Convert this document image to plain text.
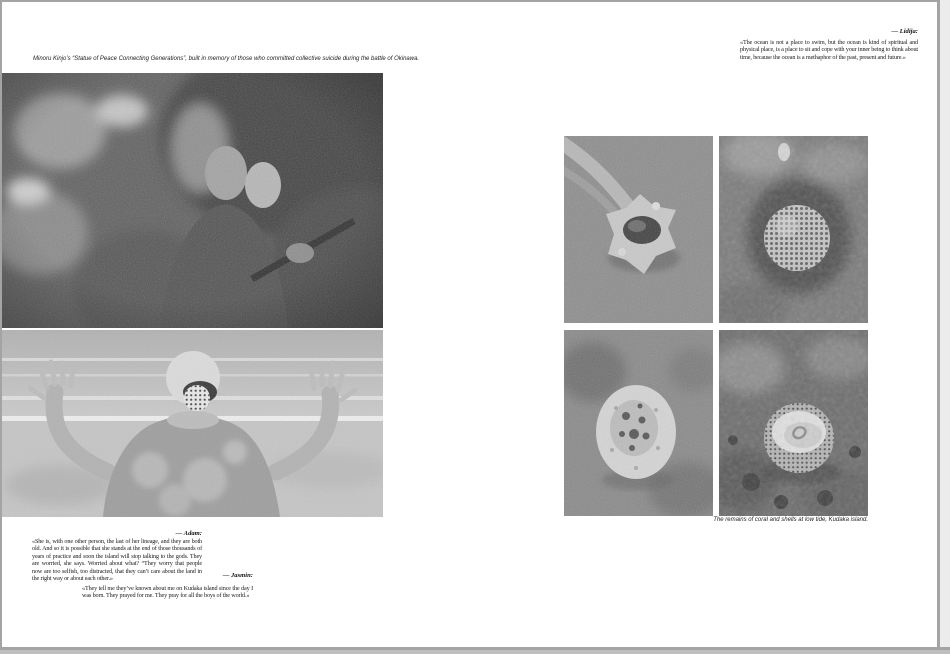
Minoru Kinjo’s “Statue of Peace Connecting Generations”, built in memory of those who committed collective suicide during the battle of Okinawa.
— Adam:
«She is, with one other person, the last of her lineage, and they are both old. And so it is possible that she stands at the end of those thousands of years of practice and soon the island will stop talking to the gods. They are worried, she says. Worried about what? “They worry that people now are too selfish, too distracted, that they can’t care about the land in the right way or about each other.»	— Jasmin:
«They tell me they’ve known about me on Kudaka island since the day I was born. They prayed for me. They pray for all the boys of the world.»
— Lidija:
«The ocean is not a place to swim, but the ocean is kind of spiritual and physical place, is a place to sit and cope with your inner being to think about time, because the ocean is a methaphor of the past, present and future.»
The remains of coral and shells at low tide, Kudaka island.
